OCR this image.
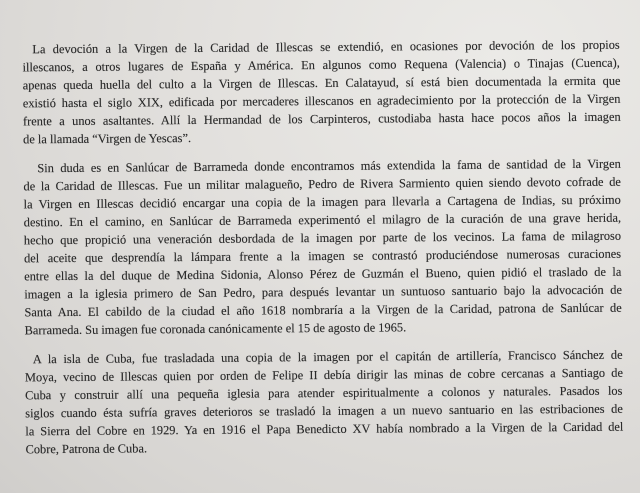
La devoción a la Virgen de la Caridad de Illescas se extendió, en ocasiones por devoción de los propios
illescanos, a otros lugares de España y América. En algunos como Requena (Valencia) o Tinajas (Cuenca),
apenas queda huella del culto a la Virgen de Illescas. En Calatayud, sí está bien documentada la ermita que
existió hasta el siglo XIX, edificada por mercaderes illescanos en agradecimiento por la protección de la Virgen
frente a unos asaltantes. Allí la Hermandad de los Carpinteros, custodiaba hasta hace pocos años la imagen
de la llamada “Virgen de Yescas”.
Sin duda es en Sanlúcar de Barrameda donde encontramos más extendida la fama de santidad de la Virgen
de la Caridad de Illescas. Fue un militar malagueño, Pedro de Rivera Sarmiento quien siendo devoto cofrade de
la Virgen en Illescas decidió encargar una copia de la imagen para llevarla a Cartagena de Indias, su próximo
destino. En el camino, en Sanlúcar de Barrameda experimentó el milagro de la curación de una grave herida,
hecho que propició una veneración desbordada de la imagen por parte de los vecinos. La fama de milagroso
del aceite que desprendía la lámpara frente a la imagen se contrastó produciéndose numerosas curaciones
entre ellas la del duque de Medina Sidonia, Alonso Pérez de Guzmán el Bueno, quien pidió el traslado de la
imagen a la iglesia primero de San Pedro, para después levantar un suntuoso santuario bajo la advocación de
Santa Ana. El cabildo de la ciudad el año 1618 nombraría a la Virgen de la Caridad, patrona de Sanlúcar de
Barrameda. Su imagen fue coronada canónicamente el 15 de agosto de 1965.
A la isla de Cuba, fue trasladada una copia de la imagen por el capitán de artillería, Francisco Sánchez de
Moya, vecino de Illescas quien por orden de Felipe II debía dirigir las minas de cobre cercanas a Santiago de
Cuba y construir allí una pequeña iglesia para atender espiritualmente a colonos y naturales. Pasados los
siglos cuando ésta sufría graves deterioros se trasladó la imagen a un nuevo santuario en las estribaciones de
la Sierra del Cobre en 1929. Ya en 1916 el Papa Benedicto XV había nombrado a la Virgen de la Caridad del
Cobre, Patrona de Cuba.
